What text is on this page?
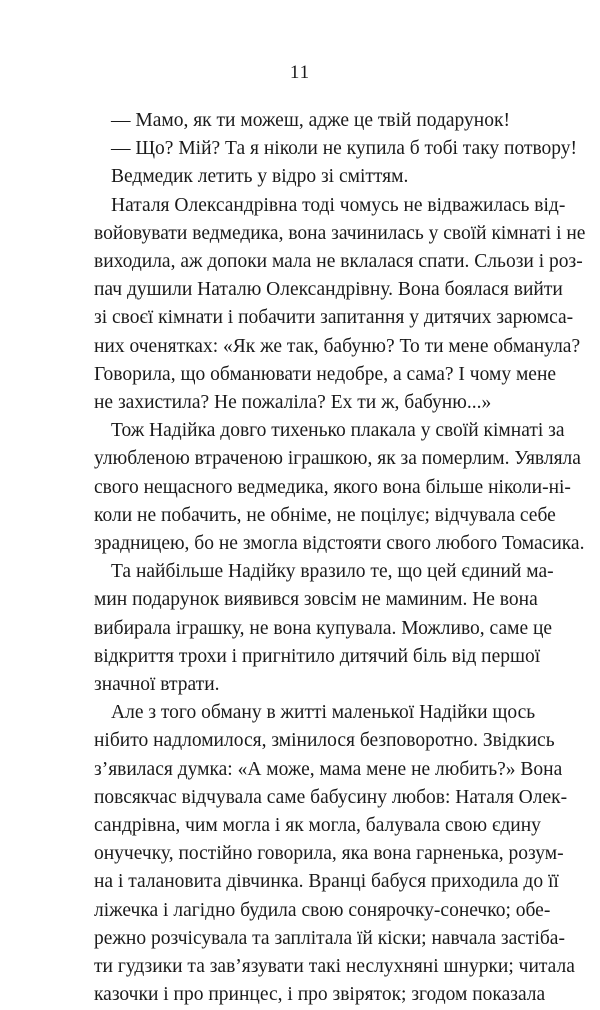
11

— Мамо, як ти можеш, адже це твій подарунок!

— Що? Мій? Та я ніколи не купила б тобі таку потвору!

Ведмедик летить у відро зі сміттям.

Наталя Олександрівна тоді чомусь не відважилась від-
войовувати ведмедика, вона зачинилась у своїй кімнаті і не
виходила, аж допоки мала не вклалася спати. Сльози і роз-
пач душили Наталю Олександрівну. Вона боялася вийти
зі своєї кімнати і побачити запитання у дитячих зарюмса-
них оченятках: «Як же так, бабуню? То ти мене обманула?
Говорила, що обманювати недобре, а сама? І чому мене
не захистила? Не пожаліла? Ех ти ж, бабуню...»

Тож Надійка довго тихенько плакала у своїй кімнаті за
улюбленою втраченою іграшкою, як за померлим. Уявляла
свого нещасного ведмедика, якого вона більше ніколи-ні-
коли не побачить, не обніме, не поцілує; відчувала себе
зрадницею, бо не змогла відстояти свого любого Томасика.

Та найбільше Надійку вразило те, що цей єдиний ма-
мин подарунок виявився зовсім не маминим. Не вона
вибирала іграшку, не вона купувала. Можливо, саме це
відкриття трохи і пригнітило дитячий біль від першої
значної втрати.

Але з того обману в житті маленької Надійки щось
нібито надломилося, змінилося безповоротно. Звідкись
з’явилася думка: «А може, мама мене не любить?» Вона
повсякчас відчувала саме бабусину любов: Наталя Олек-
сандрівна, чим могла і як могла, балувала свою єдину
онучечку, постійно говорила, яка вона гарненька, розум-
на і талановита дівчинка. Вранці бабуся приходила до її
ліжечка і лагідно будила свою сонярочку-сонечко; обе-
режно розчісувала та заплітала їй кіски; навчала застіба-
ти гудзики та зав’язувати такі неслухняні шнурки; читала
казочки і про принцес, і про звіряток; згодом показала
